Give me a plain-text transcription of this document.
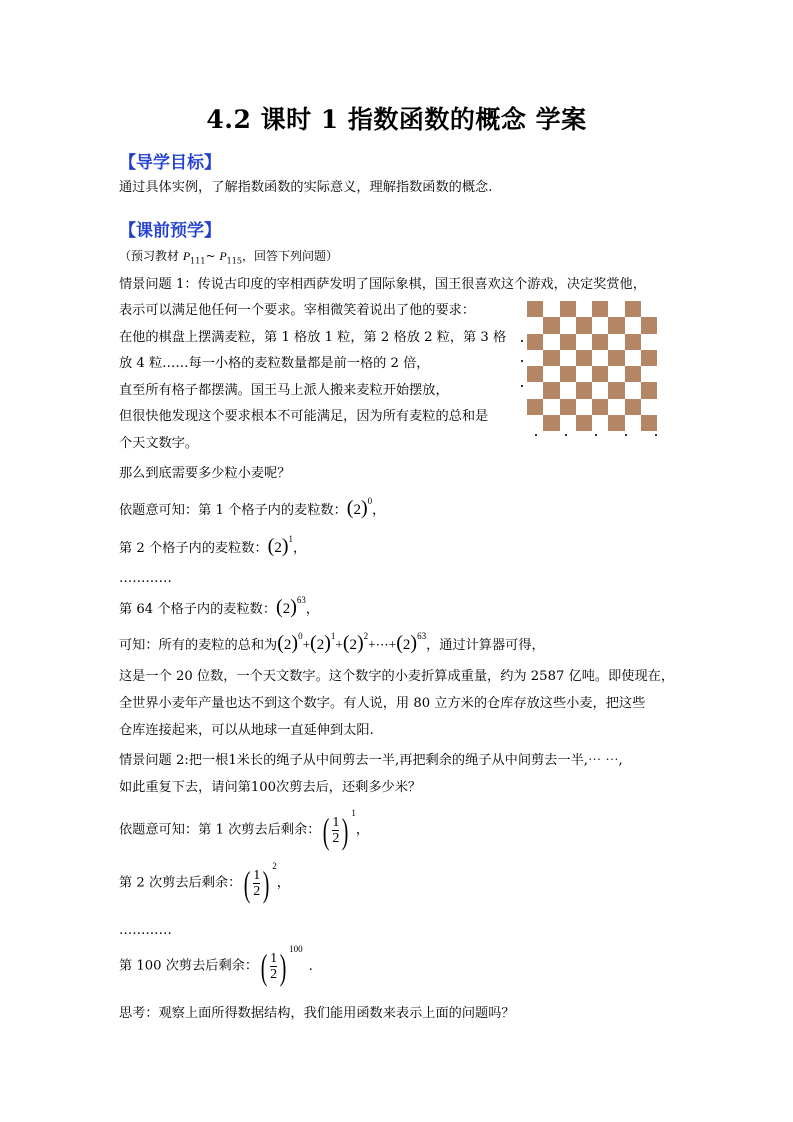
4.2 课时 1 指数函数的概念 学案
【导学目标】
通过具体实例，了解指数函数的实际意义，理解指数函数的概念.
【课前预学】
（预习教材 $P_{111}\sim$ $P_{115}$，回答下列问题）
情景问题 1：传说古印度的宰相西萨发明了国际象棋，国王很喜欢这个游戏，决定奖赏他，
表示可以满足他任何一个要求。宰相微笑着说出了他的要求：
在他的棋盘上摆满麦粒，第 1 格放 1 粒，第 2 格放 2 粒，第 3 格
放 4 粒……每一小格的麦粒数量都是前一格的 2 倍，
直至所有格子都摆满。国王马上派人搬来麦粒开始摆放，
但很快他发现这个要求根本不可能满足，因为所有麦粒的总和是
个天文数字。
那么到底需要多少粒小麦呢？
依题意可知：第 1 个格子内的麦粒数：$(2)^0$，
第 2 个格子内的麦粒数：$(2)^1$，
…………
第 64 个格子内的麦粒数：$(2)^{63}$，
可知：所有的麦粒的总和为$(2)^0+(2)^1+(2)^2+\cdots+(2)^{63}$，通过计算器可得，
这是一个 20 位数，一个天文数字。这个数字的小麦折算成重量，约为 2587 亿吨。即使现在，
全世界小麦年产量也达不到这个数字。有人说，用 80 立方米的仓库存放这些小麦，把这些
仓库连接起来，可以从地球一直延伸到太阳.
情景问题 2:把一根1米长的绳子从中间剪去一半,再把剩余的绳子从中间剪去一半,⋯ ⋯,
如此重复下去，请问第100次剪去后，还剩多少米？
依题意可知：第 1 次剪去后剩余：( $\frac{1}{2}$ ) $^1$，
第 2 次剪去后剩余：( $\frac{1}{2}$ ) $^2$，
…………
第 100 次剪去后剩余：( $\frac{1}{2}$ ) $^{100}$.
思考：观察上面所得数据结构，我们能用函数来表示上面的问题吗？
